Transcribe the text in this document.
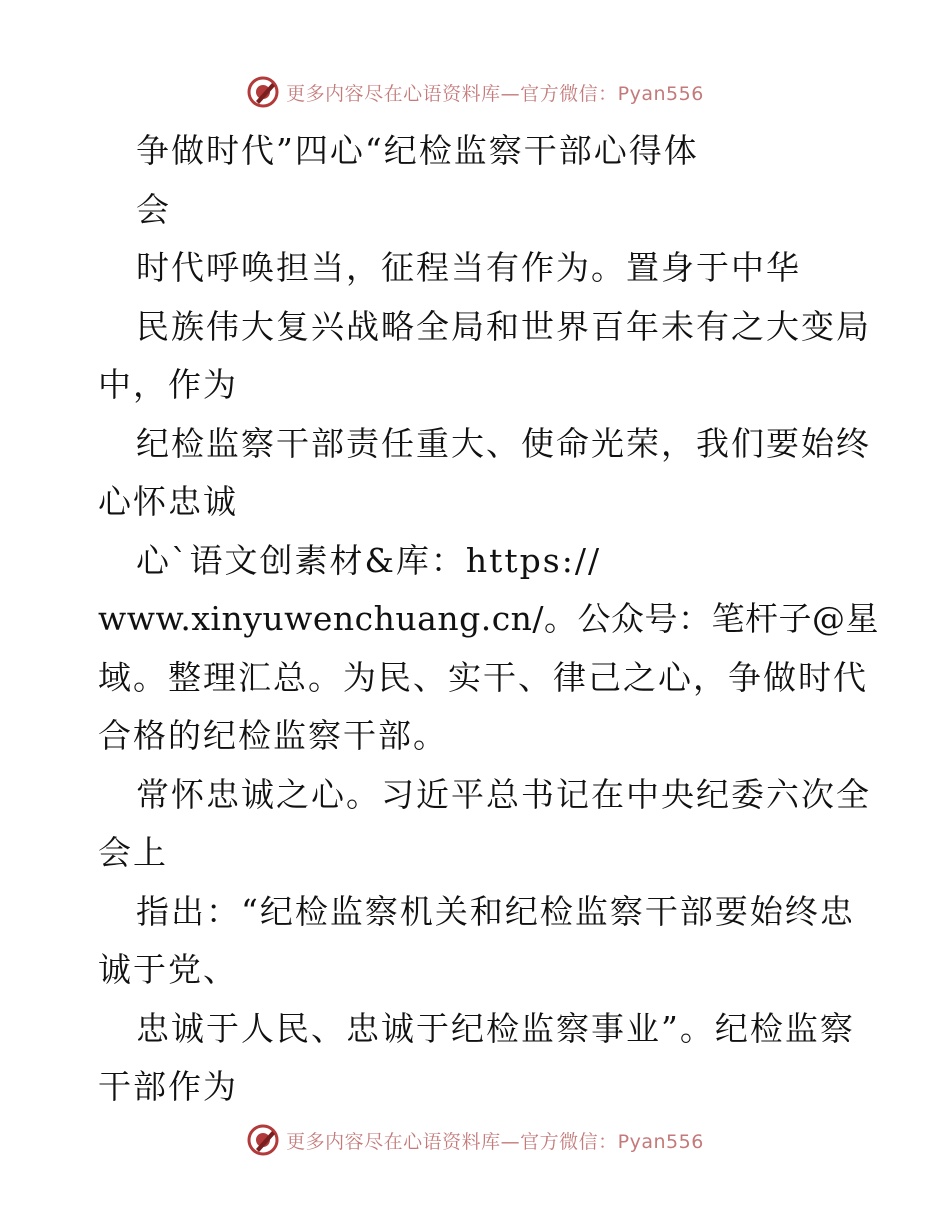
更多内容尽在心语资料库—官方微信：Pyan556
争做时代”四心“纪检监察干部心得体
会
时代呼唤担当，征程当有作为。置身于中华
民族伟大复兴战略全局和世界百年未有之大变局
中，作为
纪检监察干部责任重大、使命光荣，我们要始终
心怀忠诚
心`语文创素材&库：https://
www.xinyuwenchuang.cn/。公众号：笔杆子@星
域。整理汇总。为民、实干、律己之心，争做时代
合格的纪检监察干部。
常怀忠诚之心。习近平总书记在中央纪委六次全
会上
指出：“纪检监察机关和纪检监察干部要始终忠
诚于党、
忠诚于人民、忠诚于纪检监察事业”。纪检监察
干部作为
更多内容尽在心语资料库—官方微信：Pyan556
